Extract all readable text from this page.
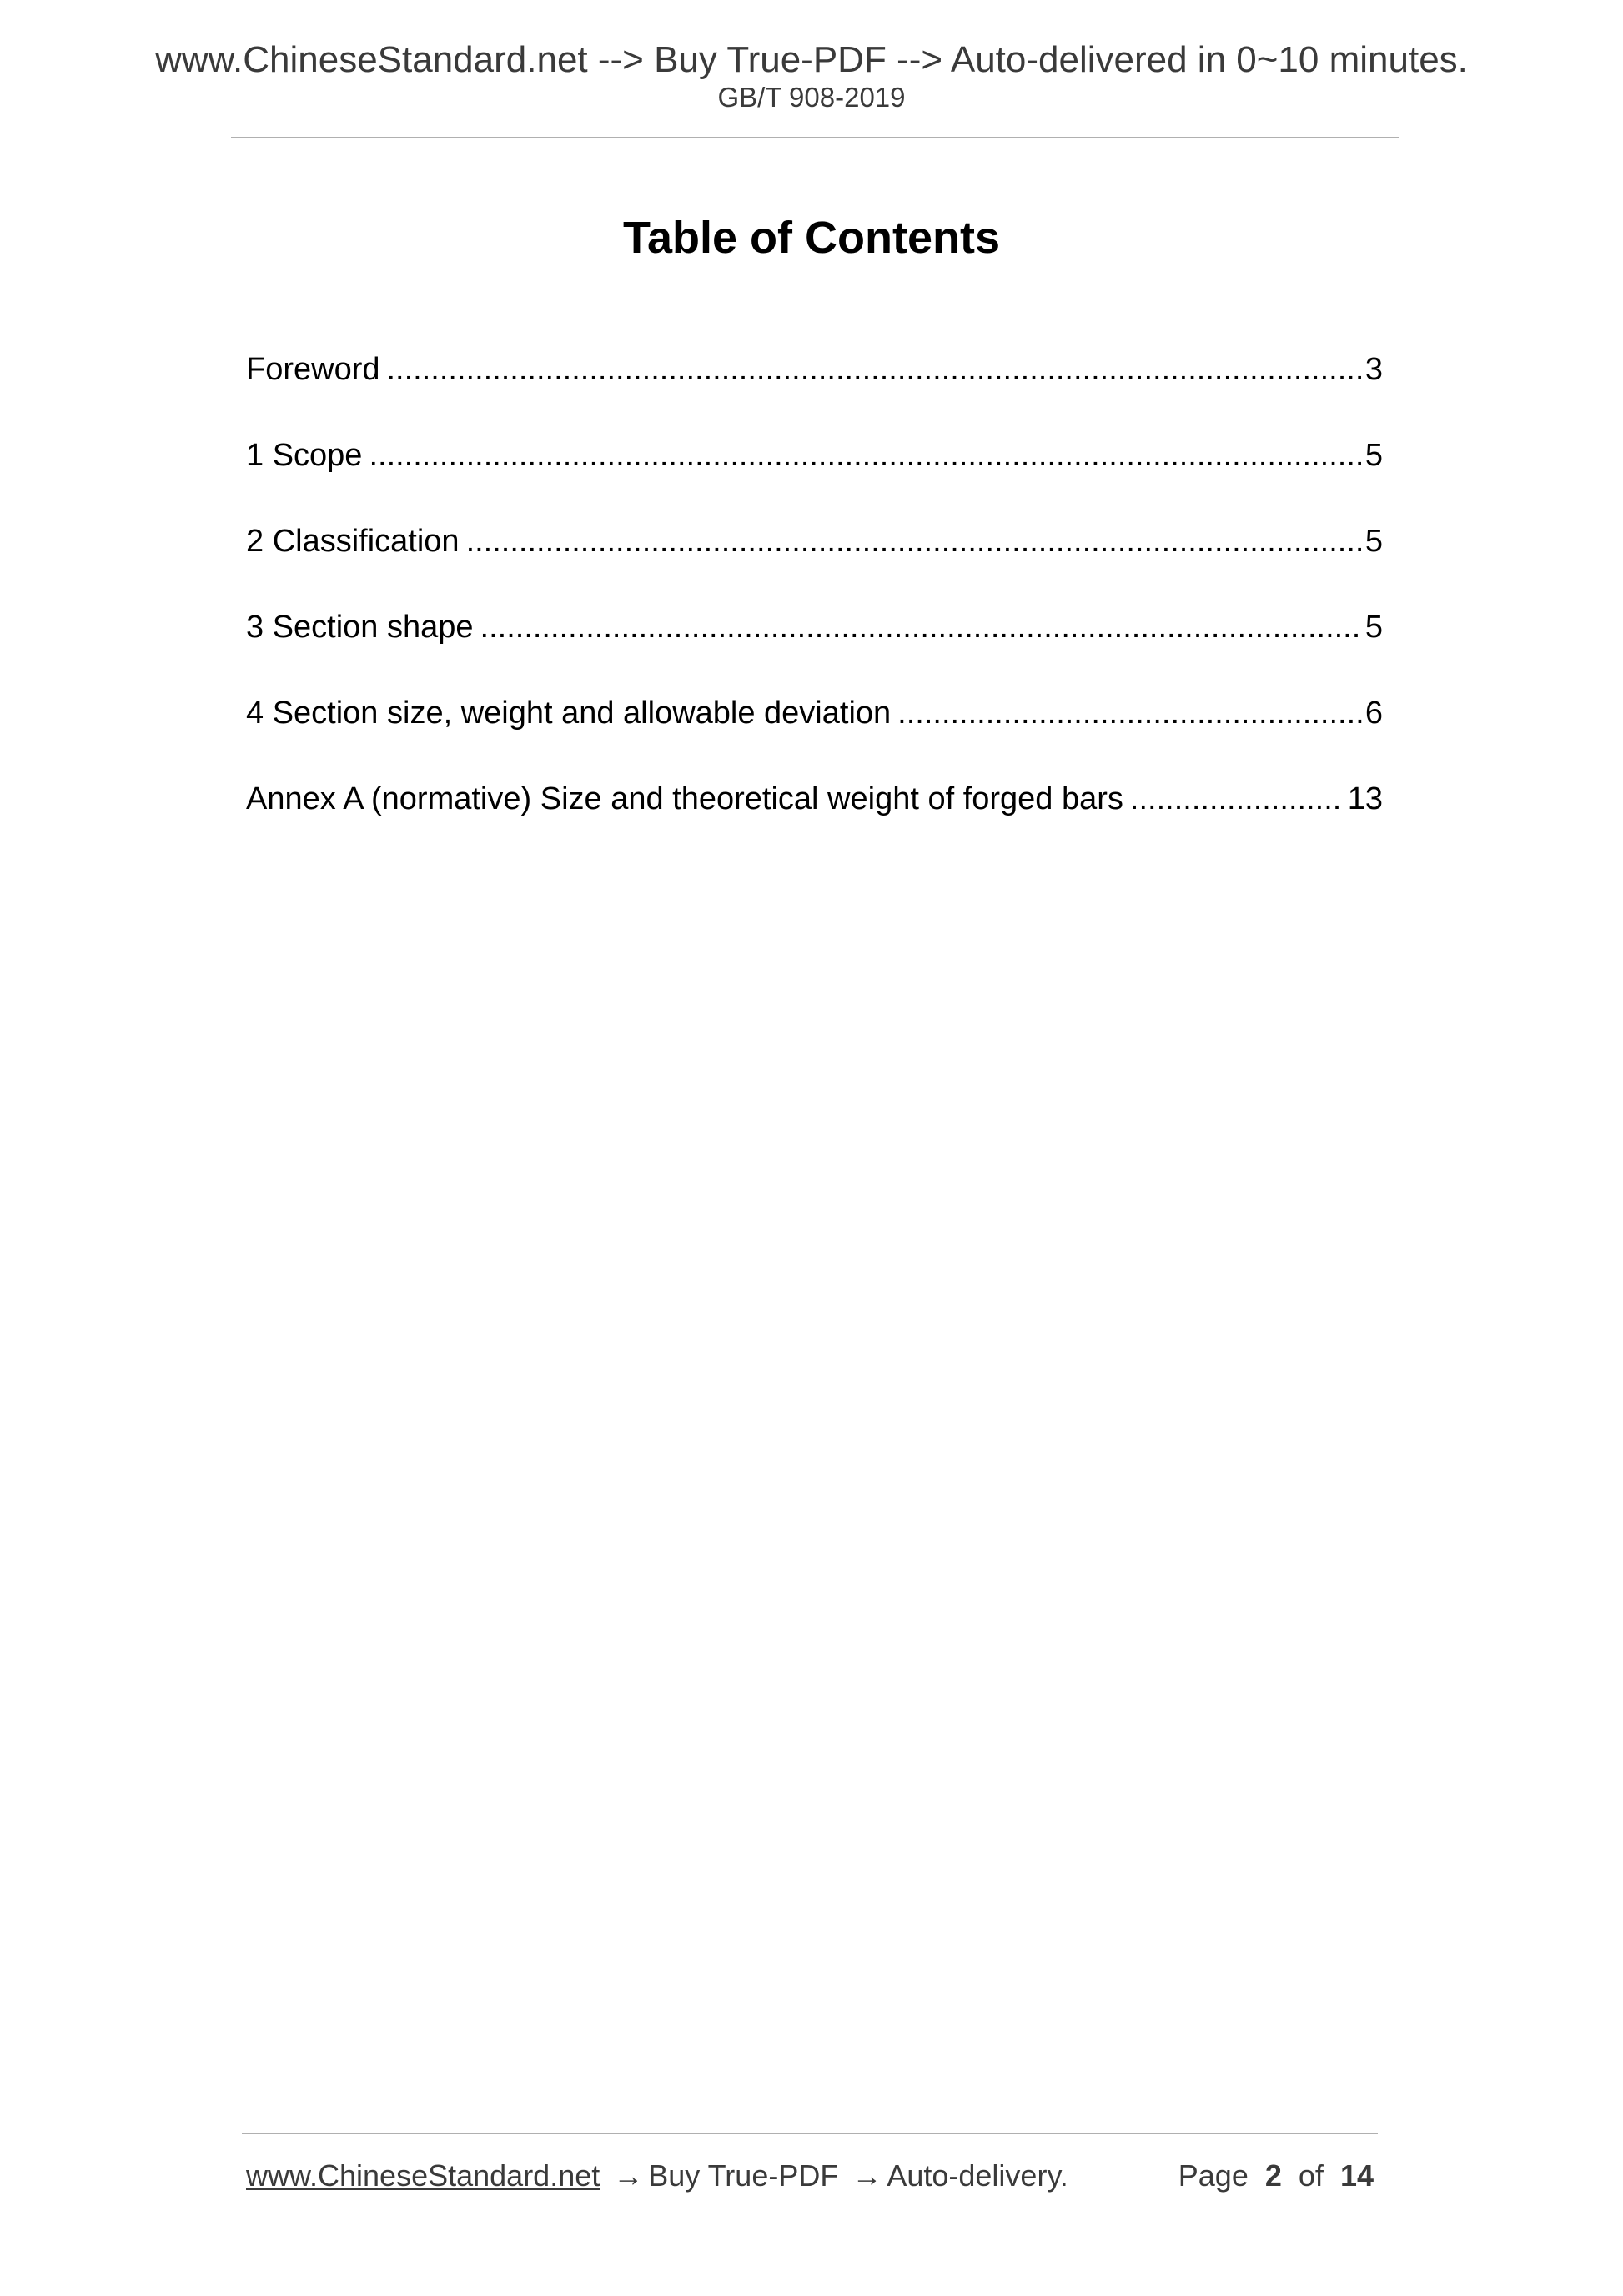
www.ChineseStandard.net --> Buy True-PDF --> Auto-delivered in 0~10 minutes.
GB/T 908-2019
Table of Contents
Foreword .....	3
1 Scope .....	5
2 Classification .....	5
3 Section shape .....	5
4 Section size, weight and allowable deviation .....	6
Annex A (normative) Size and theoretical weight of forged bars .....	13
www.ChineseStandard.net → Buy True-PDF → Auto-delivery.	Page 2 of 14
